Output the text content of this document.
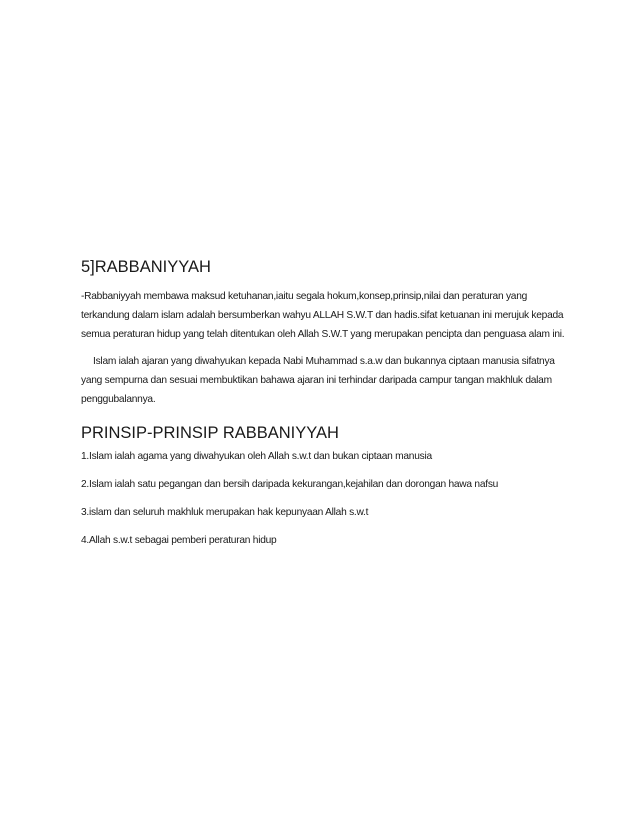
5]RABBANIYYAH

-Rabbaniyyah membawa maksud ketuhanan,iaitu segala hokum,konsep,prinsip,nilai dan peraturan yang terkandung dalam islam adalah bersumberkan wahyu ALLAH S.W.T dan hadis.sifat ketuanan ini merujuk kepada semua peraturan hidup yang telah ditentukan oleh Allah S.W.T yang merupakan pencipta dan penguasa alam ini.

Islam ialah ajaran yang diwahyukan kepada Nabi Muhammad s.a.w dan bukannya ciptaan manusia sifatnya yang sempurna dan sesuai membuktikan bahawa ajaran ini terhindar daripada campur tangan makhluk dalam penggubalannya.

PRINSIP-PRINSIP RABBANIYYAH

1.Islam ialah agama yang diwahyukan oleh Allah s.w.t dan bukan ciptaan manusia

2.Islam ialah satu pegangan dan bersih daripada kekurangan,kejahilan dan dorongan hawa nafsu

3.islam dan seluruh makhluk merupakan hak kepunyaan Allah s.w.t

4.Allah s.w.t sebagai pemberi peraturan hidup
